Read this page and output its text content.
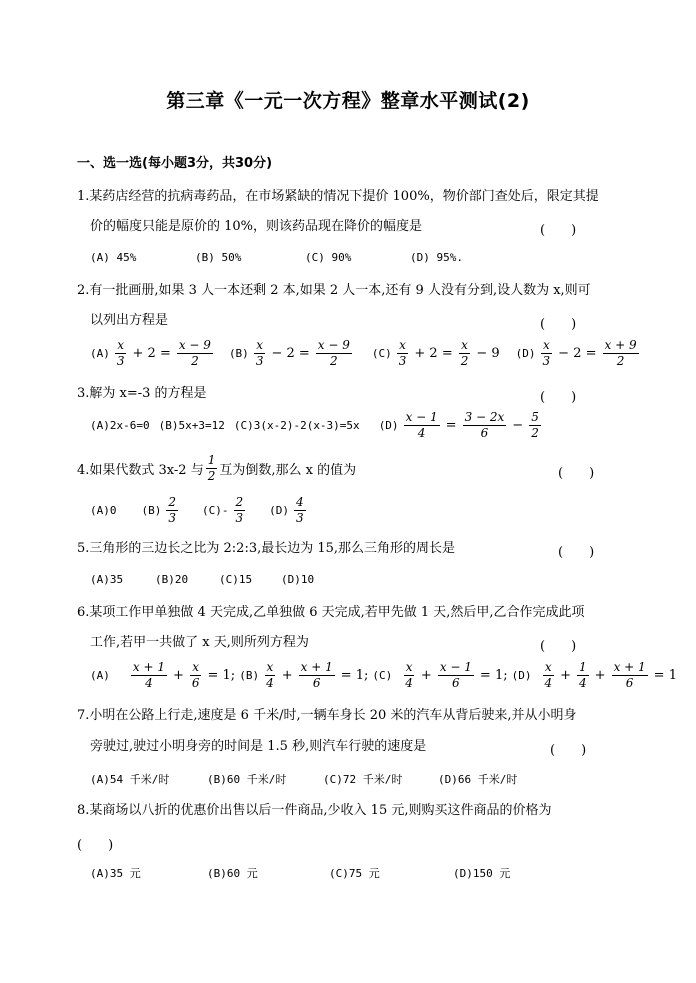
第三章《一元一次方程》整章水平测试(2)
一、选一选(每小题3分，共30分)
1.某药店经营的抗病毒药品，在市场紧缺的情况下提价 100%，物价部门查处后，限定其提
价的幅度只能是原价的 10%，则该药品现在降价的幅度是	(　　)
(A) 45%	(B) 50%	(C) 90%	(D) 95%.
2.有一批画册,如果 3 人一本还剩 2 本,如果 2 人一本,还有 9 人没有分到,设人数为 x,则可
以列出方程是	(　　)
$(A) \frac{x}{3} + 2 = \frac{x - 9}{2} (B) \frac{x}{3} - 2 = \frac{x - 9}{2} (C) \frac{x}{3} + 2 = \frac{x}{2} - 9$ $(D) \frac{x}{3} - 2 = \frac{x + 9}{2}$
3.解为 x=-3 的方程是	(　　)
(A)2x-6=0 (B)5x+3=12 (C)3(x-2)-2(x-3)=5x $(D) \frac{x - 1}{4} = \frac{3 - 2x}{6} - \frac{5}{2}$
4.如果代数式 3x-2 与 $\frac{1}{2}$ 互为倒数,那么 x 的值为	(　　)
(A)0 $(B) \frac{2}{3} (C)- \frac{2}{3} (D) \frac{4}{3}$
5.三角形的三边长之比为 2:2:3,最长边为 15,那么三角形的周长是	(　　)
(A)35	(B)20	(C)15	(D)10
6.某项工作甲单独做 4 天完成,乙单独做 6 天完成,若甲先做 1 天,然后甲,乙合作完成此项
工作,若甲一共做了 x 天,则所列方程为	(　　)
$(A) \frac{x + 1}{4} + \frac{x}{6} = 1$; $(B) \frac{x}{4} + \frac{x + 1}{6} = 1$; $(C) \frac{x}{4} + \frac{x - 1}{6} = 1$; $(D) \frac{x}{4} + \frac{1}{4} + \frac{x + 1}{6} = 1$
7.小明在公路上行走,速度是 6 千米/时,一辆车身长 20 米的汽车从背后驶来,并从小明身
旁驶过,驶过小明身旁的时间是 1.5 秒,则汽车行驶的速度是	(　　)
(A)54 千米/时	(B)60 千米/时	(C)72 千米/时	(D)66 千米/时
8.某商场以八折的优惠价出售以后一件商品,少收入 15 元,则购买这件商品的价格为
(　　)
(A)35 元	(B)60 元	(C)75 元	(D)150 元
